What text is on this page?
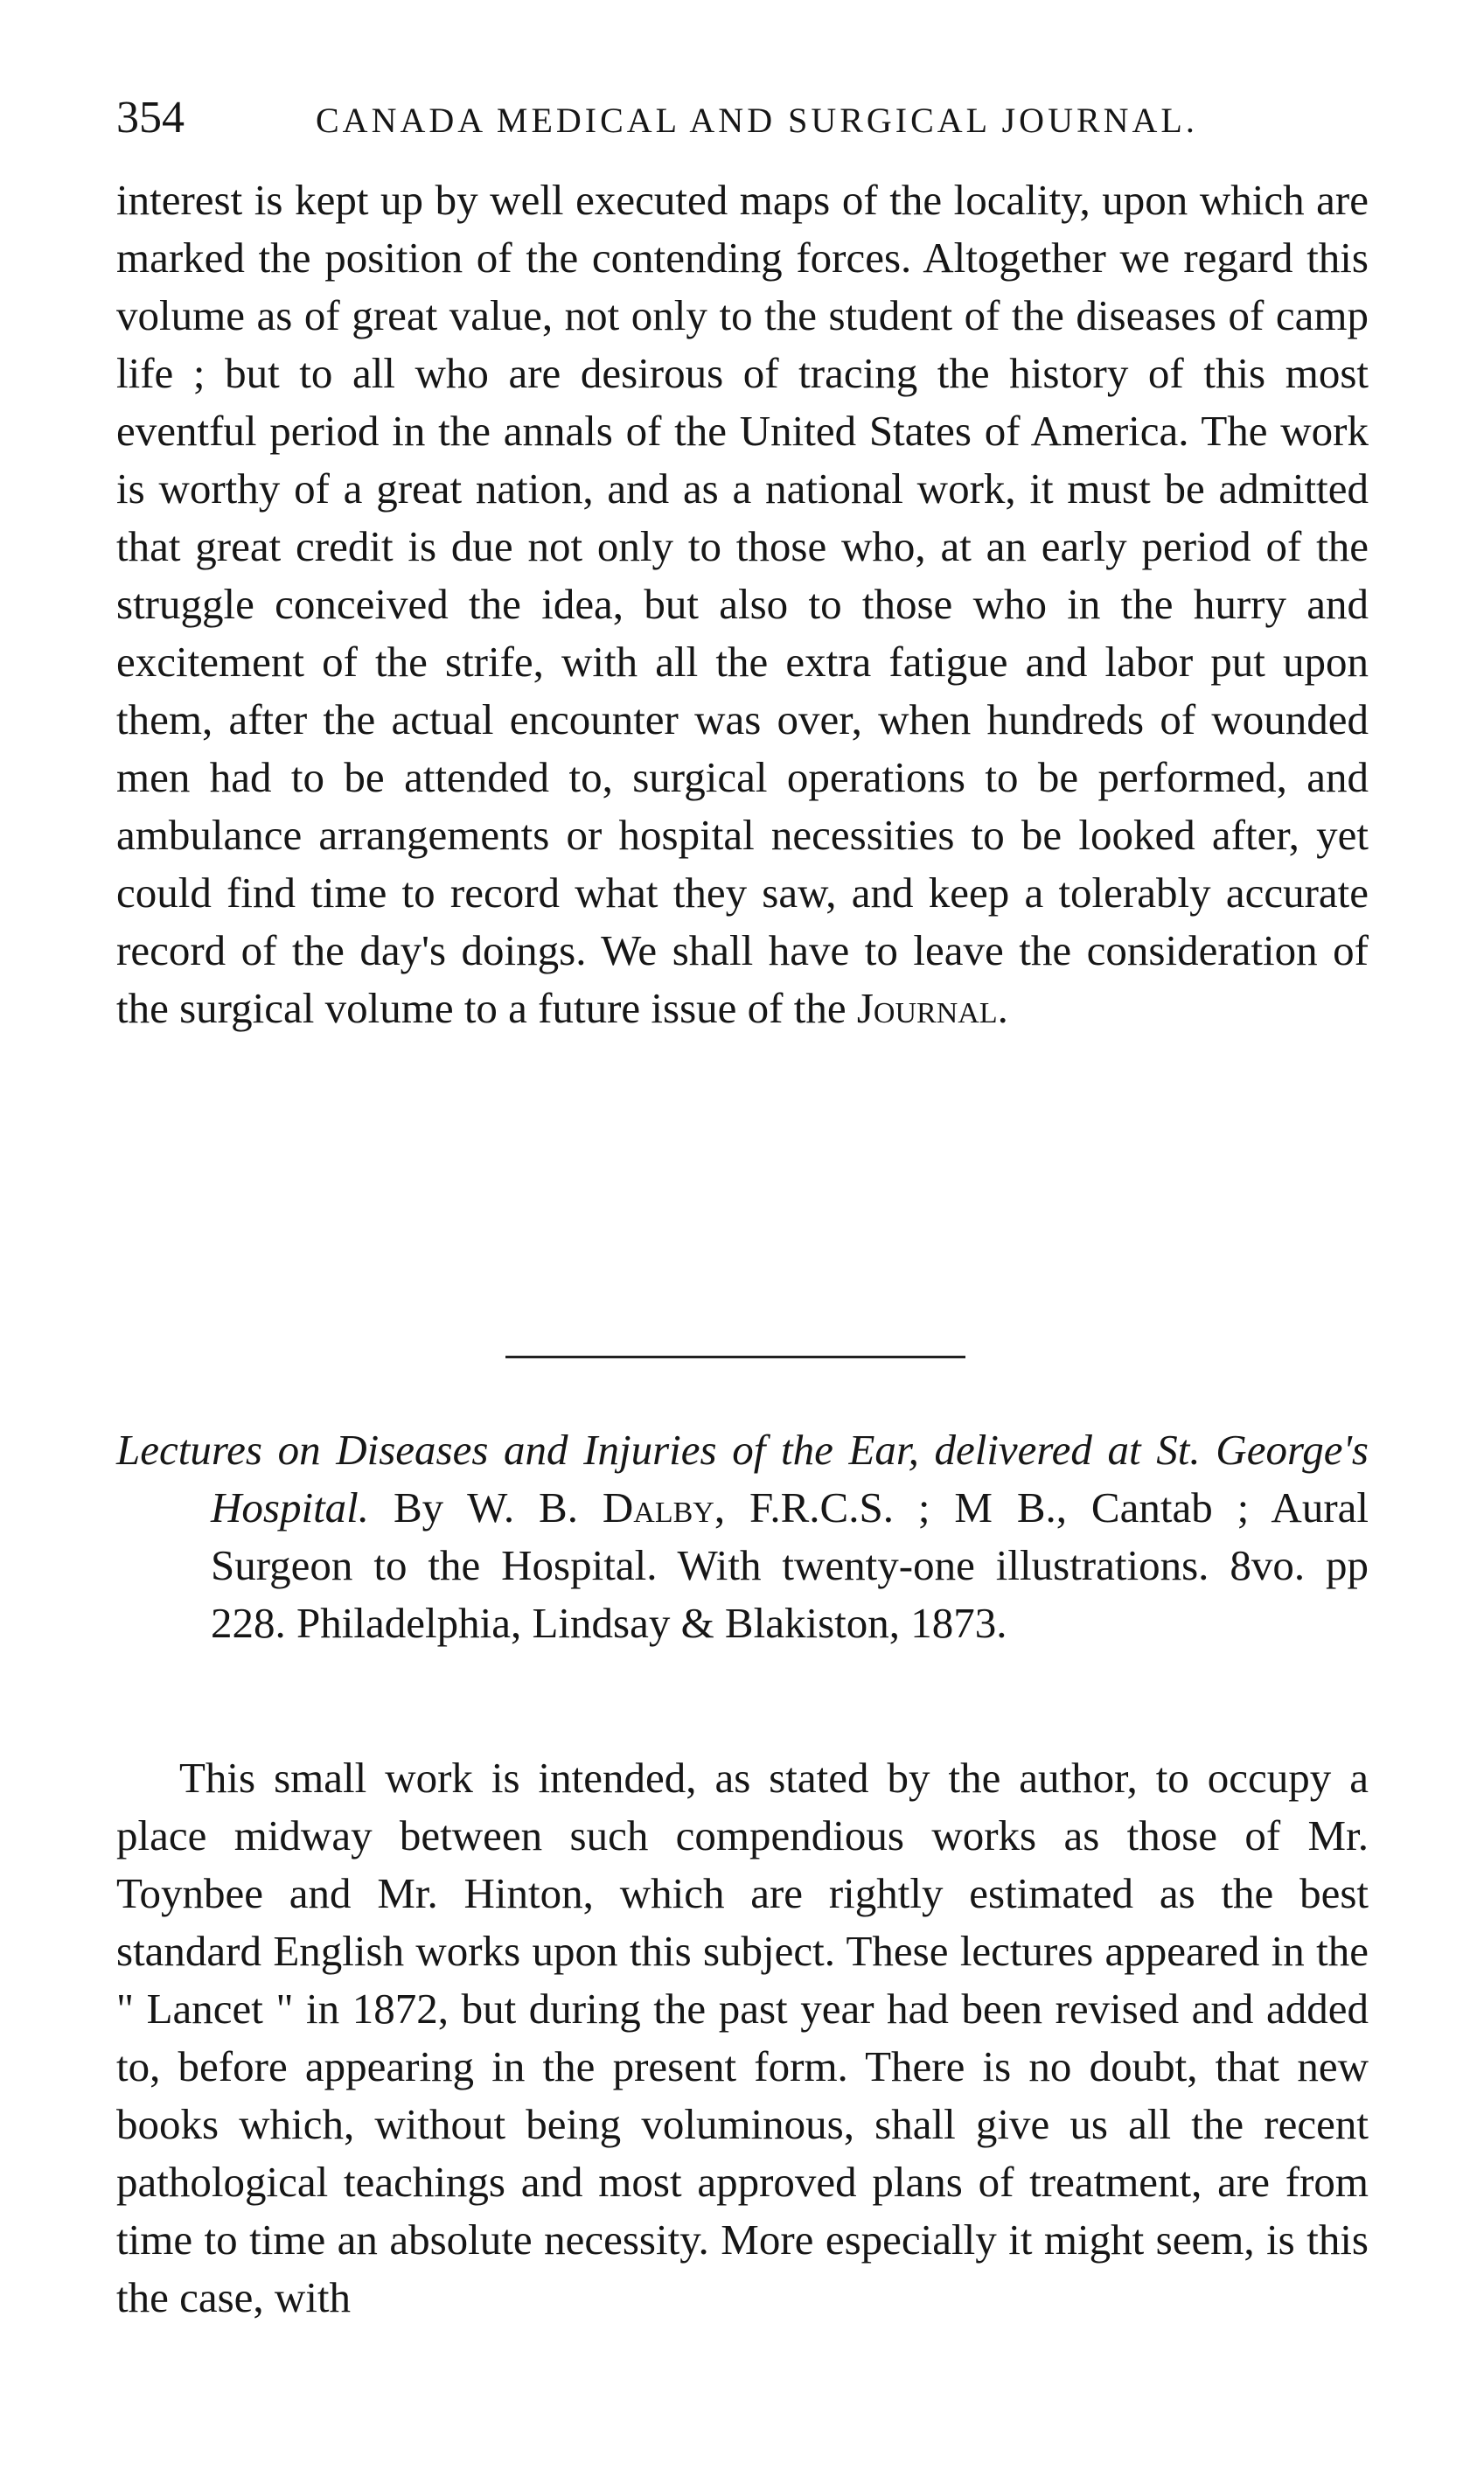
354	CANADA MEDICAL AND SURGICAL JOURNAL.

interest is kept up by well executed maps of the locality, upon which are marked the position of the contending forces. Altogether we regard this volume as of great value, not only to the student of the diseases of camp life ; but to all who are desirous of tracing the history of this most eventful period in the annals of the United States of America. The work is worthy of a great nation, and as a national work, it must be admitted that great credit is due not only to those who, at an early period of the struggle conceived the idea, but also to those who in the hurry and excitement of the strife, with all the extra fatigue and labor put upon them, after the actual encounter was over, when hundreds of wounded men had to be attended to, surgical operations to be performed, and ambulance arrangements or hospital necessities to be looked after, yet could find time to record what they saw, and keep a tolerably accurate record of the day's doings. We shall have to leave the consideration of the surgical volume to a future issue of the Journal.

Lectures on Diseases and Injuries of the Ear, delivered at St. George's Hospital. By W. B. Dalby, F.R.C.S. ; M B., Cantab ; Aural Surgeon to the Hospital. With twenty-one illustrations. 8vo. pp 228. Philadelphia, Lindsay & Blakiston, 1873.

This small work is intended, as stated by the author, to occupy a place midway between such compendious works as those of Mr. Toynbee and Mr. Hinton, which are rightly estimated as the best standard English works upon this subject. These lectures appeared in the " Lancet " in 1872, but during the past year had been revised and added to, before appearing in the present form. There is no doubt, that new books which, without being voluminous, shall give us all the recent pathological teachings and most approved plans of treatment, are from time to time an absolute necessity. More especially it might seem, is this the case, with
